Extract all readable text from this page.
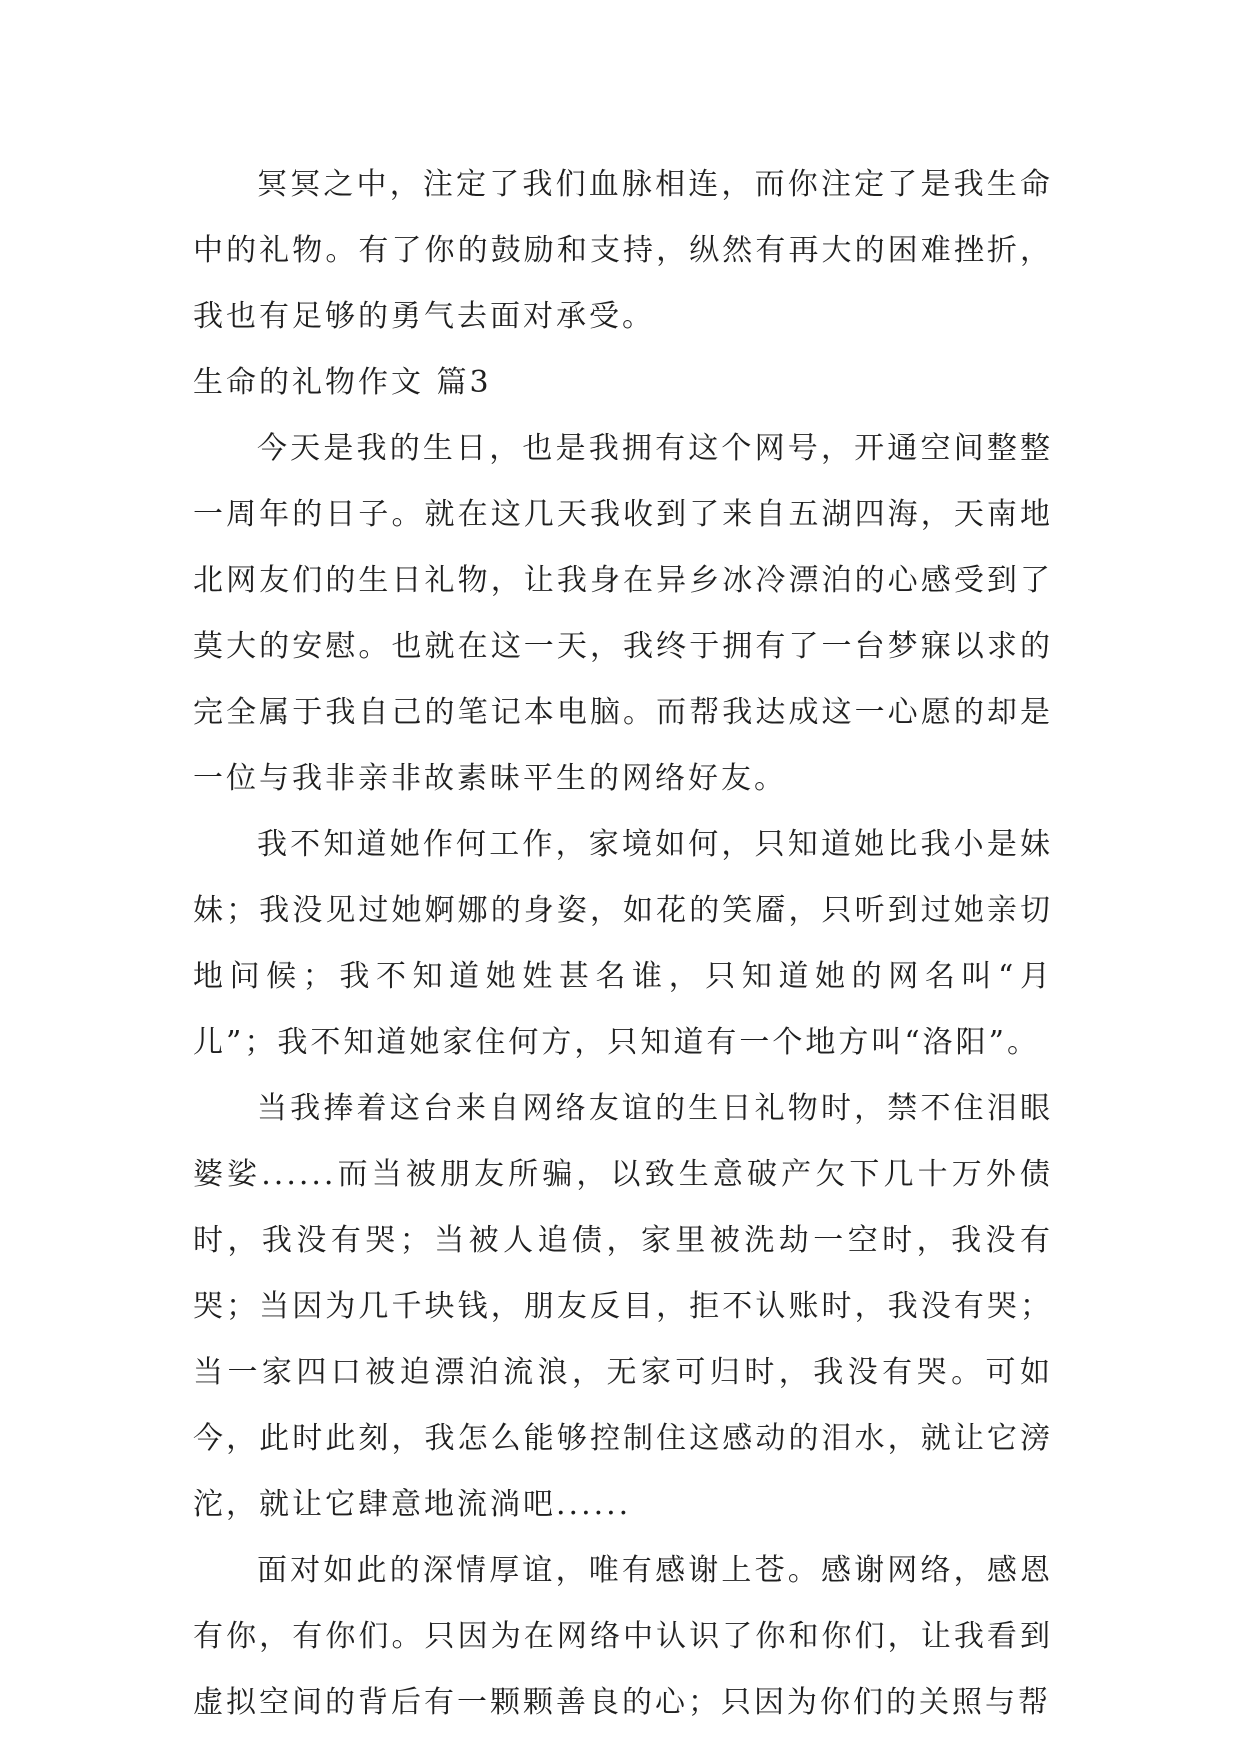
冥冥之中，注定了我们血脉相连，而你注定了是我生命中的礼物。有了你的鼓励和支持，纵然有再大的困难挫折，我也有足够的勇气去面对承受。

生命的礼物作文 篇3

今天是我的生日，也是我拥有这个网号，开通空间整整一周年的日子。就在这几天我收到了来自五湖四海，天南地北网友们的生日礼物，让我身在异乡冰冷漂泊的心感受到了莫大的安慰。也就在这一天，我终于拥有了一台梦寐以求的完全属于我自己的笔记本电脑。而帮我达成这一心愿的却是一位与我非亲非故素昧平生的网络好友。

我不知道她作何工作，家境如何，只知道她比我小是妹妹；我没见过她婀娜的身姿，如花的笑靥，只听到过她亲切地问候；我不知道她姓甚名谁，只知道她的网名叫“月儿”；我不知道她家住何方，只知道有一个地方叫“洛阳”。

当我捧着这台来自网络友谊的生日礼物时，禁不住泪眼婆娑......而当被朋友所骗，以致生意破产欠下几十万外债时，我没有哭；当被人追债，家里被洗劫一空时，我没有哭；当因为几千块钱，朋友反目，拒不认账时，我没有哭；当一家四口被迫漂泊流浪，无家可归时，我没有哭。可如今，此时此刻，我怎么能够控制住这感动的泪水，就让它滂沱，就让它肆意地流淌吧......

面对如此的深情厚谊，唯有感谢上苍。感谢网络，感恩有你，有你们。只因为在网络中认识了你和你们，让我看到虚拟空间的背后有一颗颗善良的心；只因为你们的关照与帮
